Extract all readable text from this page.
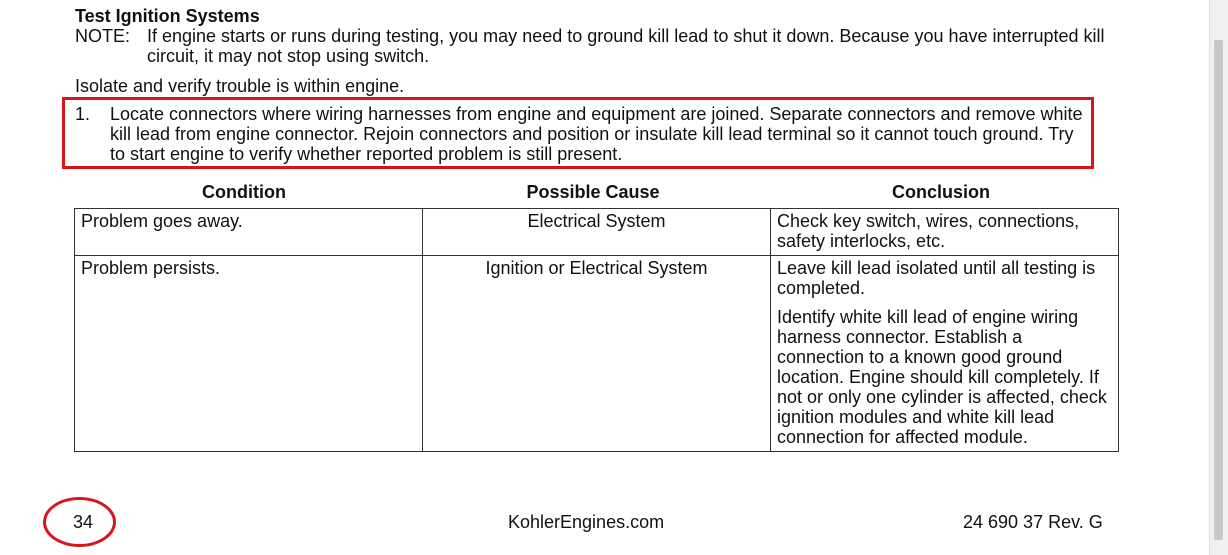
Test Ignition Systems
NOTE: If engine starts or runs during testing, you may need to ground kill lead to shut it down. Because you have interrupted kill circuit, it may not stop using switch.
Isolate and verify trouble is within engine.
1.	Locate connectors where wiring harnesses from engine and equipment are joined. Separate connectors and remove white kill lead from engine connector. Rejoin connectors and position or insulate kill lead terminal so it cannot touch ground. Try to start engine to verify whether reported problem is still present.
Condition	Possible Cause	Conclusion
Problem goes away.	Electrical System	Check key switch, wires, connections, safety interlocks, etc.

Problem persists.	Ignition or Electrical System	Leave kill lead isolated until all testing is completed.

Identify white kill lead of engine wiring harness connector. Establish a connection to a known good ground location. Engine should kill completely. If not or only one cylinder is affected, check ignition modules and white kill lead connection for affected module.

34	KohlerEngines.com	24 690 37 Rev. G
